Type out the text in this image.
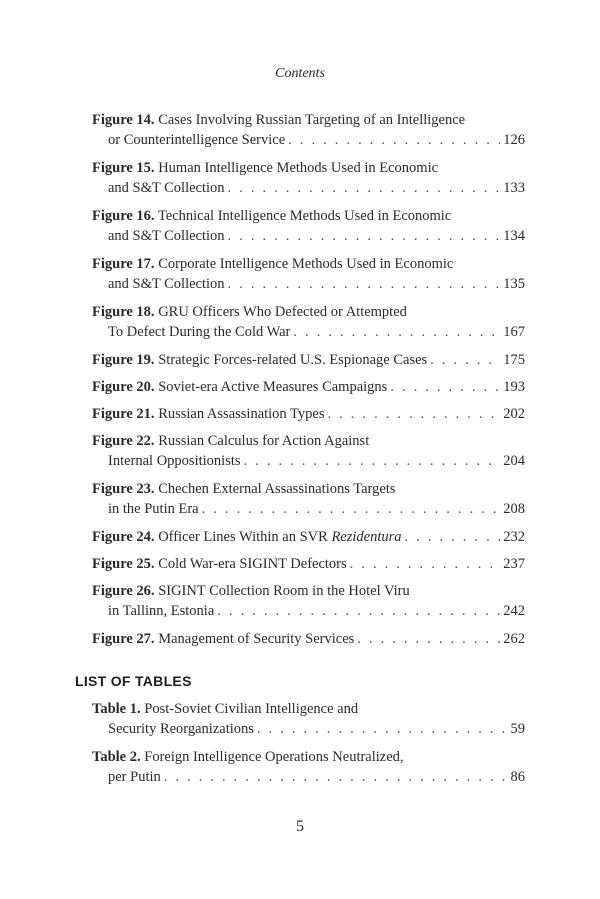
Contents
Figure 14. Cases Involving Russian Targeting of an Intelligence
or Counterintelligence Service . . .	126
Figure 15. Human Intelligence Methods Used in Economic
and S&T Collection . . .	133
Figure 16. Technical Intelligence Methods Used in Economic
and S&T Collection . . .	134
Figure 17. Corporate Intelligence Methods Used in Economic
and S&T Collection . . .	135
Figure 18. GRU Officers Who Defected or Attempted
To Defect During the Cold War . . .	167
Figure 19. Strategic Forces-related U.S. Espionage Cases . . .	175
Figure 20. Soviet-era Active Measures Campaigns . . .	193
Figure 21. Russian Assassination Types . . .	202
Figure 22. Russian Calculus for Action Against
Internal Oppositionists . . .	204
Figure 23. Chechen External Assassinations Targets
in the Putin Era . . .	208
Figure 24. Officer Lines Within an SVR Rezidentura . . .	232
Figure 25. Cold War-era SIGINT Defectors . . .	237
Figure 26. SIGINT Collection Room in the Hotel Viru
in Tallinn, Estonia . . .	242
Figure 27. Management of Security Services . . .	262
LIST OF TABLES
Table 1. Post-Soviet Civilian Intelligence and
Security Reorganizations . . .	59
Table 2. Foreign Intelligence Operations Neutralized,
per Putin . . .	86
5
